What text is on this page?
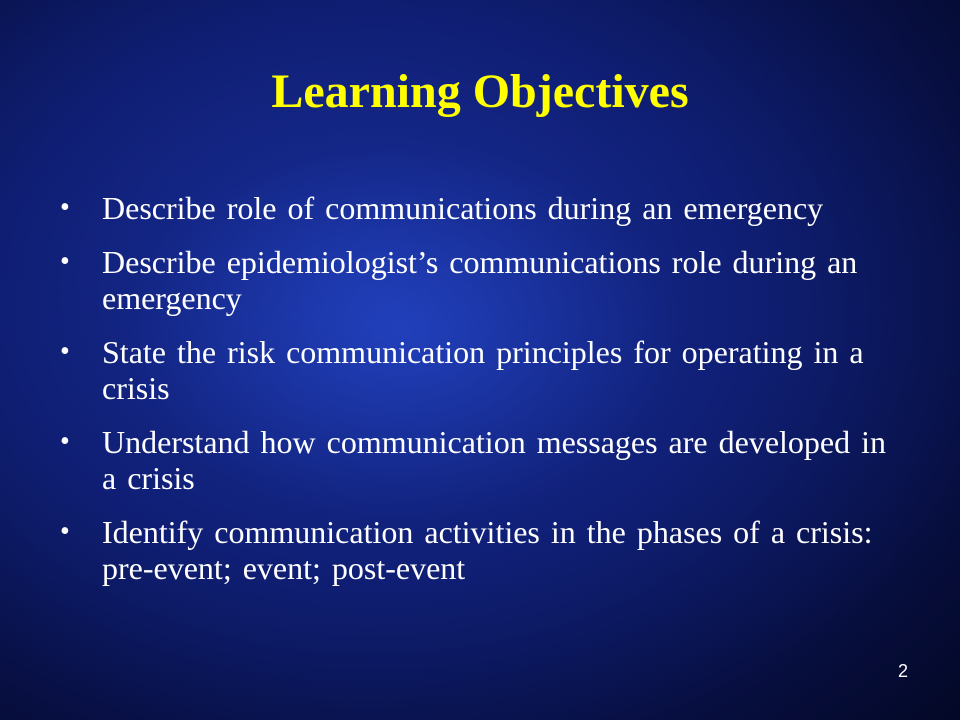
Learning Objectives
• Describe role of communications during an emergency
• Describe epidemiologist’s communications role during an emergency
• State the risk communication principles for operating in a crisis
• Understand how communication messages are developed in a crisis
• Identify communication activities in the phases of a crisis: pre-event; event; post-event
2
